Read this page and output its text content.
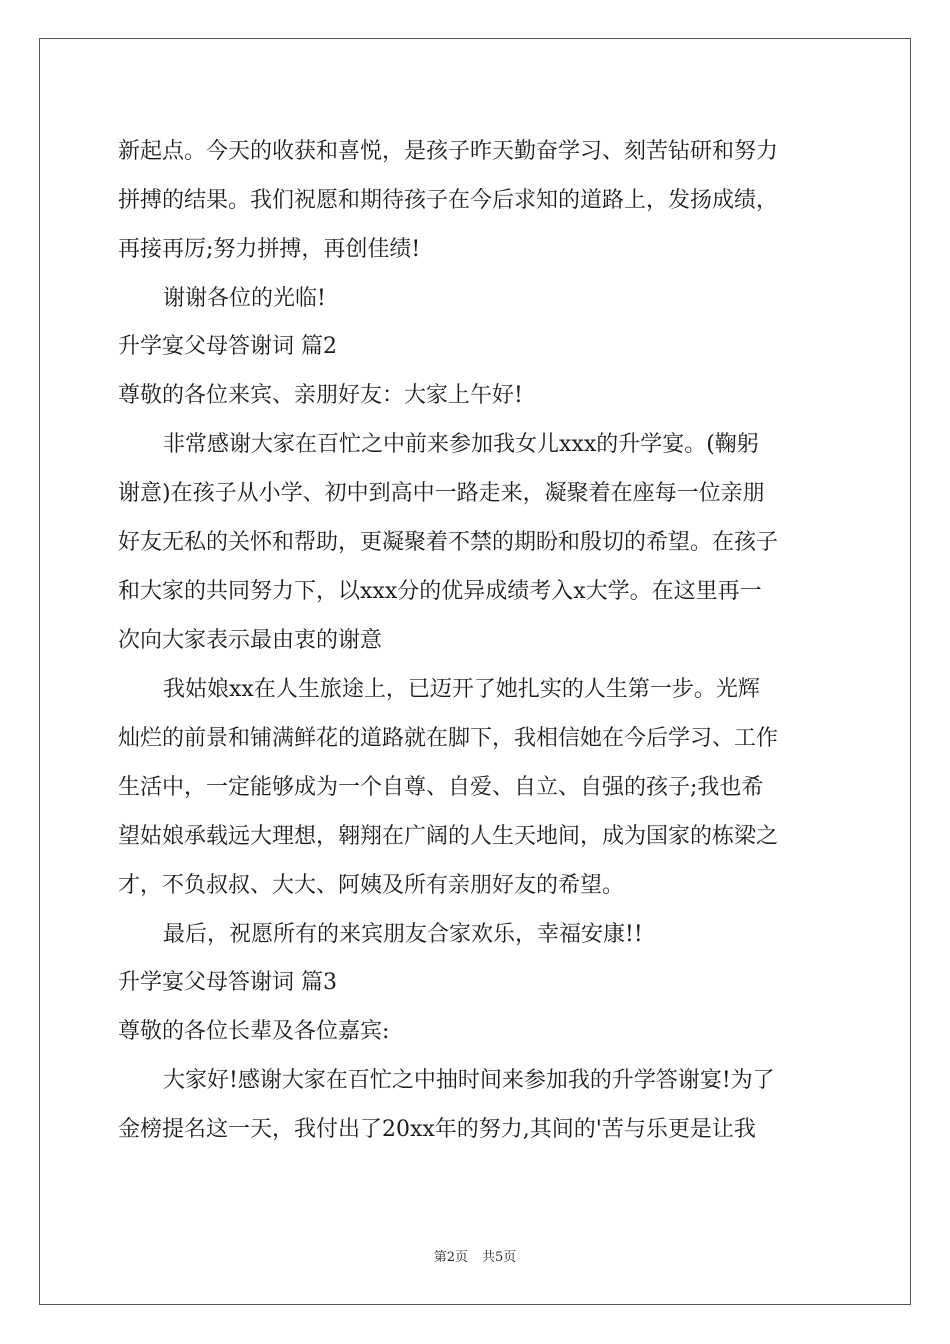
新起点。今天的收获和喜悦，是孩子昨天勤奋学习、刻苦钻研和努力
拼搏的结果。我们祝愿和期待孩子在今后求知的道路上，发扬成绩，
再接再厉;努力拼搏，再创佳绩!
谢谢各位的光临!
升学宴父母答谢词 篇2
尊敬的各位来宾、亲朋好友：大家上午好!
非常感谢大家在百忙之中前来参加我女儿xxx的升学宴。(鞠躬
谢意)在孩子从小学、初中到高中一路走来，凝聚着在座每一位亲朋
好友无私的关怀和帮助，更凝聚着不禁的期盼和殷切的希望。在孩子
和大家的共同努力下，以xxx分的优异成绩考入x大学。在这里再一
次向大家表示最由衷的谢意
我姑娘xx在人生旅途上，已迈开了她扎实的人生第一步。光辉
灿烂的前景和铺满鲜花的道路就在脚下，我相信她在今后学习、工作
生活中，一定能够成为一个自尊、自爱、自立、自强的孩子;我也希
望姑娘承载远大理想，翱翔在广阔的人生天地间，成为国家的栋梁之
才，不负叔叔、大大、阿姨及所有亲朋好友的希望。
最后，祝愿所有的来宾朋友合家欢乐，幸福安康!!
升学宴父母答谢词 篇3
尊敬的各位长辈及各位嘉宾:
大家好!感谢大家在百忙之中抽时间来参加我的升学答谢宴!为了
金榜提名这一天，我付出了20xx年的努力,其间的'苦与乐更是让我
第2页 共5页
